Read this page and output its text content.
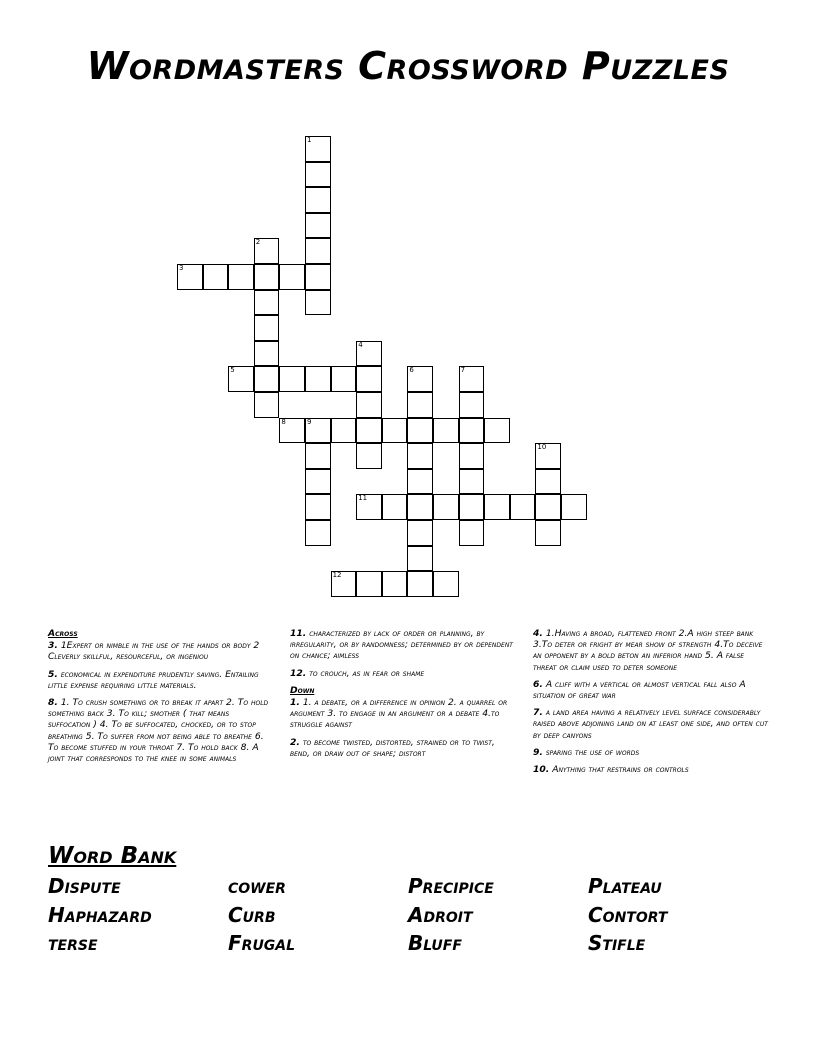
Wordmasters Crossword Puzzles
1
2
3
4
5	6	7
8	9
10
11
12
Across

3. 1Expert or nimble in the use of the hands or body 2 Cleverly skillful, resourceful, or ingeniou

5. economical in expenditure prudently saving. Entailing little expense requiring little materials.

8. 1. To crush something or to break it apart 2. To hold something back 3. To kill; smother ( that means suffocation ) 4. To be suffocated, chocked, or to stop breathing 5. To suffer from not being able to breathe 6. To become stuffed in your throat 7. To hold back 8. A joint that corresponds to the knee in some animals

11. characterized by lack of order or planning, by irregularity, or by randomness; determined by or dependent on chance; aimless

12. to crouch, as in fear or shame

Down

1. 1. a debate, or a difference in opinion 2. a quarrel or argument 3. to engage in an argument or a debate 4.to struggle against

2. to become twisted, distorted, strained or to twist, bend, or draw out of shape; distort

4. 1.Having a broad, flattened front 2.A high steep bank 3.To deter or fright by mear show of strength 4.To deceive an opponent by a bold beton an inferior hand 5. A false threat or claim used to deter someone

6. A cliff with a vertical or almost vertical fall also A situation of great war

7. a land area having a relatively level surface considerably raised above adjoining land on at least one side, and often cut by deep canyons

9. sparing the use of words

10. Anything that restrains or controls

Word Bank
Dispute	cower	Precipice	Plateau
Haphazard	Curb	Adroit	Contort
terse	Frugal	Bluff	Stifle
